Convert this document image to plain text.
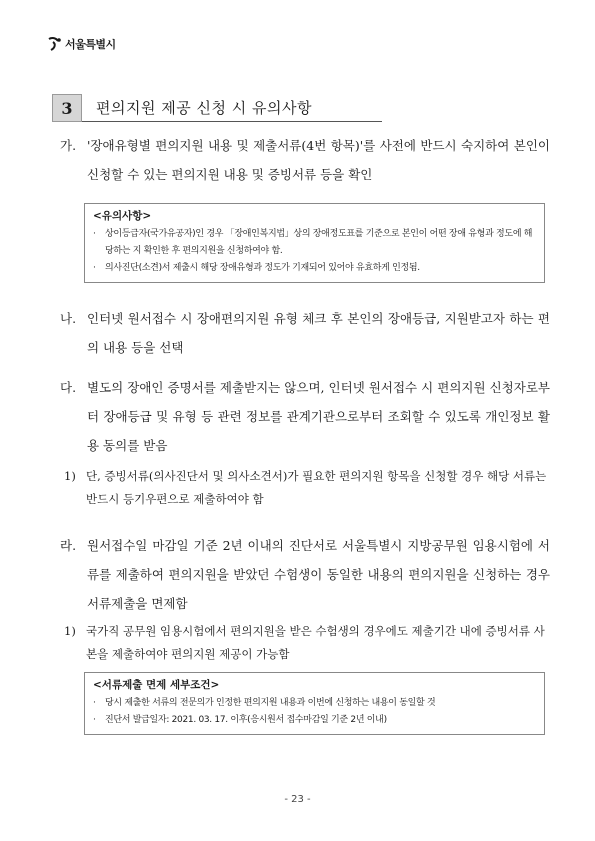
서울특별시
3	편의지원 제공 신청 시 유의사항
가. '장애유형별 편의지원 내용 및 제출서류(4번 항목)'를 사전에 반드시 숙지하여 본인이 신청할 수 있는 편의지원 내용 및 증빙서류 등을 확인
<유의사항>
· 상이등급자(국가유공자)인 경우 「장애인복지법」상의 장애정도표를 기준으로 본인이 어떤 장애 유형과 정도에 해당하는 지 확인한 후 편의지원을 신청하여야 함.
· 의사진단(소견)서 제출시 해당 장애유형과 정도가 기재되어 있어야 유효하게 인정됨.
나. 인터넷 원서접수 시 장애편의지원 유형 체크 후 본인의 장애등급, 지원받고자 하는 편의 내용 등을 선택
다. 별도의 장애인 증명서를 제출받지는 않으며, 인터넷 원서접수 시 편의지원 신청자로부터 장애등급 및 유형 등 관련 정보를 관계기관으로부터 조회할 수 있도록 개인정보 활용 동의를 받음
1) 단, 증빙서류(의사진단서 및 의사소견서)가 필요한 편의지원 항목을 신청할 경우 해당 서류는 반드시 등기우편으로 제출하여야 함
라. 원서접수일 마감일 기준 2년 이내의 진단서로 서울특별시 지방공무원 임용시험에 서류를 제출하여 편의지원을 받았던 수험생이 동일한 내용의 편의지원을 신청하는 경우 서류제출을 면제함
1) 국가직 공무원 임용시험에서 편의지원을 받은 수험생의 경우에도 제출기간 내에 증빙서류 사본을 제출하여야 편의지원 제공이 가능함
<서류제출 면제 세부조건>
· 당시 제출한 서류의 전문의가 인정한 편의지원 내용과 이번에 신청하는 내용이 동일할 것
· 진단서 발급일자: 2021. 03. 17. 이후(응시원서 접수마감일 기준 2년 이내)
- 23 -
